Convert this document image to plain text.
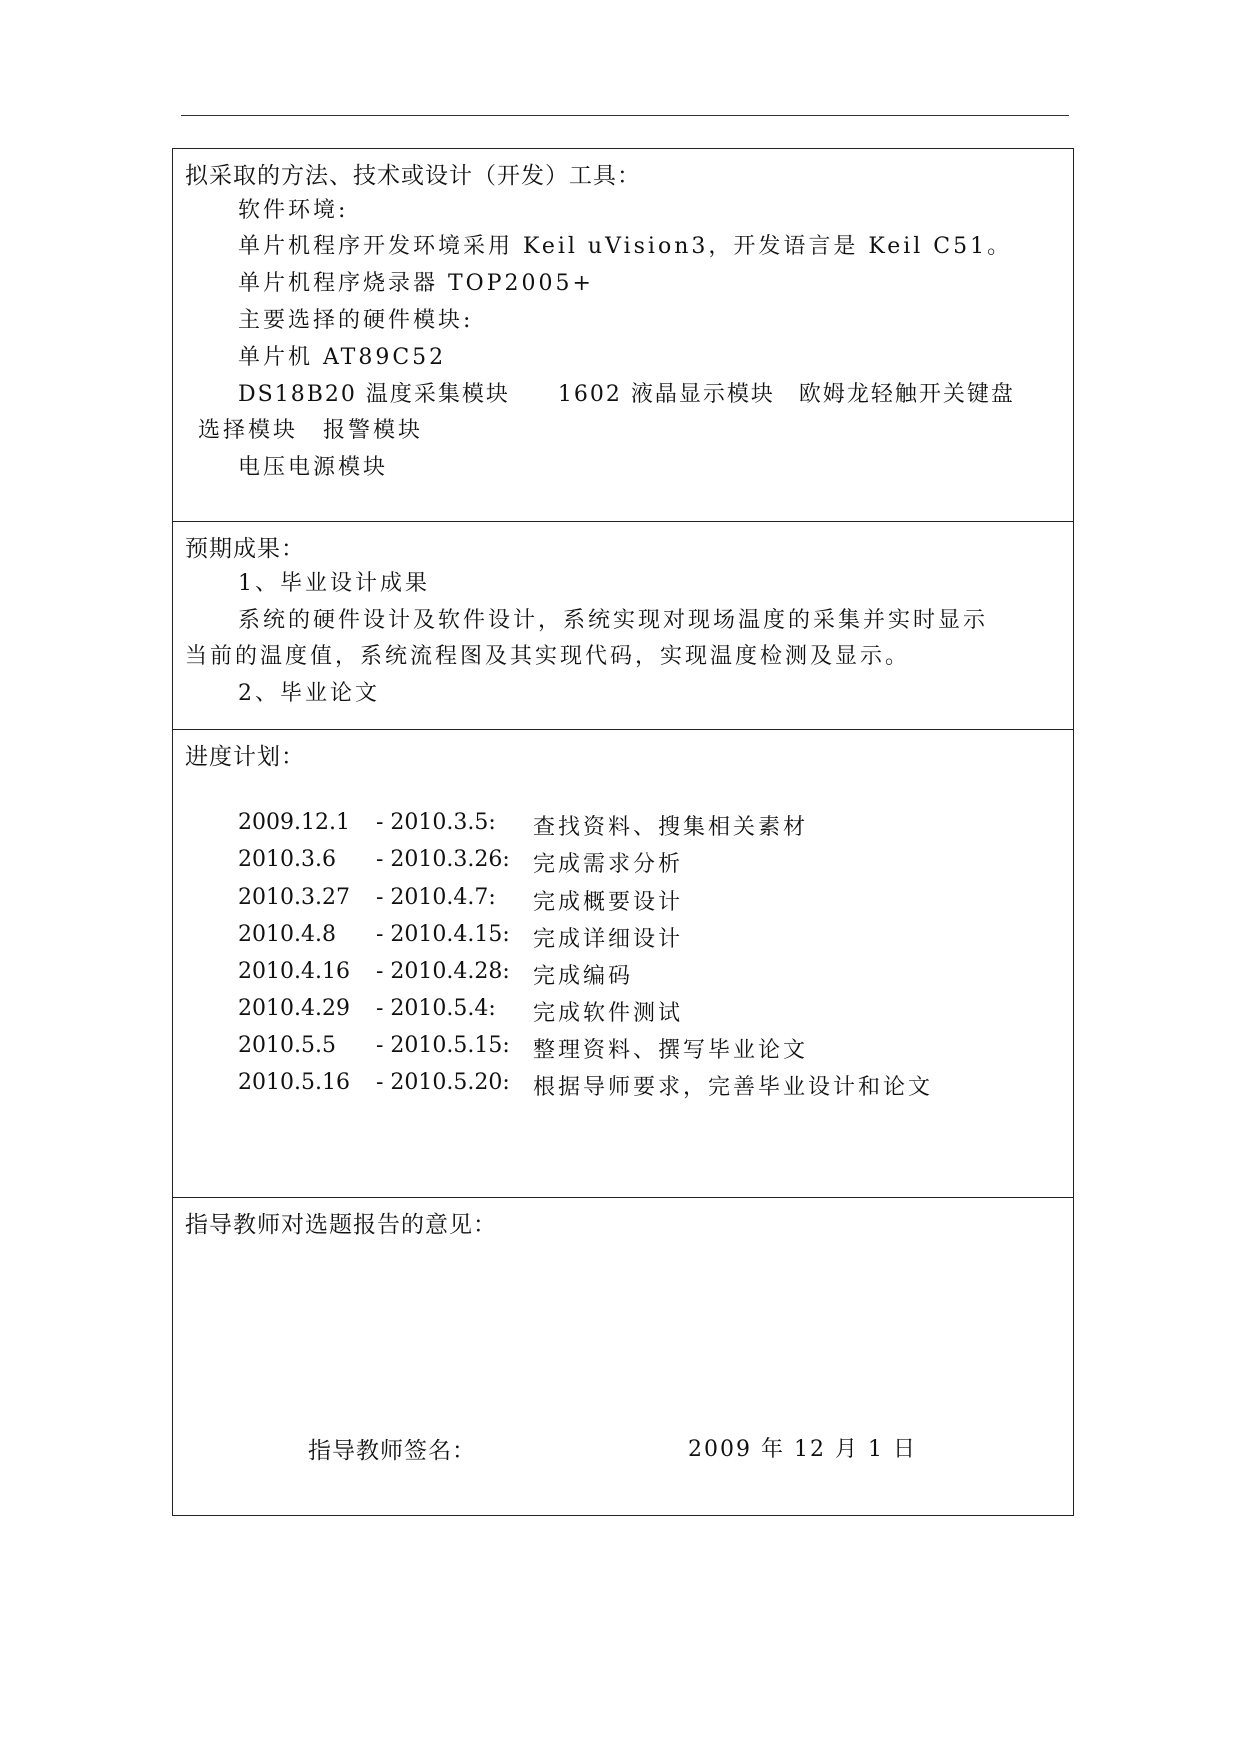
拟采取的方法、技术或设计（开发）工具：
软件环境:
单片机程序开发环境采用 Keil uVision3，开发语言是 Keil C51。
单片机程序烧录器 TOP2005+
主要选择的硬件模块:
单片机 AT89C52
DS18B20 温度采集模块　　1602 液晶显示模块　欧姆龙轻触开关键盘
选择模块　报警模块
电压电源模块
预期成果：
1、毕业设计成果
系统的硬件设计及软件设计，系统实现对现场温度的采集并实时显示
当前的温度值，系统流程图及其实现代码，实现温度检测及显示。
2、毕业论文
进度计划：
2009.12.1 - 2010.3.5: 查找资料、搜集相关素材
2010.3.6 - 2010.3.26: 完成需求分析
2010.3.27 - 2010.4.7: 完成概要设计
2010.4.8 - 2010.4.15: 完成详细设计
2010.4.16 - 2010.4.28: 完成编码
2010.4.29 - 2010.5.4: 完成软件测试
2010.5.5 - 2010.5.15: 整理资料、撰写毕业论文
2010.5.16 - 2010.5.20: 根据导师要求，完善毕业设计和论文
指导教师对选题报告的意见：
指导教师签名：	2009 年 12 月 1 日
